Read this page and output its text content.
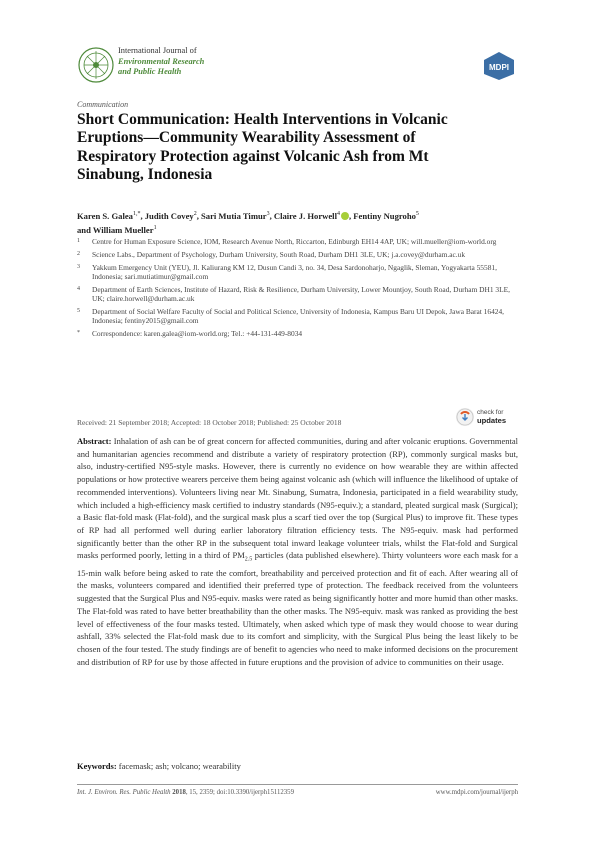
International Journal of
Environmental Research
and Public Health	MDPI
Communication
Short Communication: Health Interventions in Volcanic Eruptions—Community Wearability Assessment of Respiratory Protection against Volcanic Ash from Mt Sinabung, Indonesia
Karen S. Galea$^{1,*}$, Judith Covey$^2$, Sari Mutia Timur$^3$, Claire J. Horwell$^4$ , Fentiny Nugroho$^5$
and William Mueller$^1$
1	Centre for Human Exposure Science, IOM, Research Avenue North, Riccarton, Edinburgh EH14 4AP, UK; will.mueller@iom-world.org
2	Science Labs., Department of Psychology, Durham University, South Road, Durham DH1 3LE, UK; j.a.covey@durham.ac.uk
3	Yakkum Emergency Unit (YEU), Jl. Kaliurang KM 12, Dusun Candi 3, no. 34, Desa Sardonoharjo, Ngaglik, Sleman, Yogyakarta 55581, Indonesia; sari.mutiatimur@gmail.com
4	Department of Earth Sciences, Institute of Hazard, Risk & Resilience, Durham University, Lower Mountjoy, South Road, Durham DH1 3LE, UK; claire.horwell@durham.ac.uk
5	Department of Social Welfare Faculty of Social and Political Science, University of Indonesia, Kampus Baru UI Depok, Jawa Barat 16424, Indonesia; fentiny2015@gmail.com
*	Correspondence: karen.galea@iom-world.org; Tel.: +44-131-449-8034
Received: 21 September 2018; Accepted: 18 October 2018; Published: 25 October 2018
check for
updates
Abstract: Inhalation of ash can be of great concern for affected communities, during and after volcanic eruptions. Governmental and humanitarian agencies recommend and distribute a variety of respiratory protection (RP), commonly surgical masks but, also, industry-certified N95-style masks. However, there is currently no evidence on how wearable they are within affected populations or how protective wearers perceive them being against volcanic ash (which will influence the likelihood of uptake of recommended interventions). Volunteers living near Mt. Sinabung, Sumatra, Indonesia, participated in a field wearability study, which included a high-efficiency mask certified to industry standards (N95-equiv.); a standard, pleated surgical mask (Surgical); a Basic flat-fold mask (Flat-fold), and the surgical mask plus a scarf tied over the top (Surgical Plus) to improve fit. These types of RP had all performed well during earlier laboratory filtration efficiency tests. The N95-equiv. mask had performed significantly better than the other RP in the subsequent total inward leakage volunteer trials, whilst the Flat-fold and Surgical masks performed poorly, letting in a third of $PM_{2.5}$ particles (data published elsewhere). Thirty volunteers wore each mask for a 15-min walk before being asked to rate the comfort, breathability and perceived protection and fit of each. After wearing all of the masks, volunteers compared and identified their preferred type of protection. The feedback received from the volunteers suggested that the Surgical Plus and N95-equiv. masks were rated as being significantly hotter and more humid than other masks. The Flat-fold was rated to have better breathability than the other masks. The N95-equiv. mask was ranked as providing the best level of effectiveness of the four masks tested. Ultimately, when asked which type of mask they would choose to wear during ashfall, 33% selected the Flat-fold mask due to its comfort and simplicity, with the Surgical Plus being the least likely to be chosen of the four tested. The study findings are of benefit to agencies who need to make informed decisions on the procurement and distribution of RP for use by those affected in future eruptions and the provision of advice to communities on their usage.
Keywords: facemask; ash; volcano; wearability
Int. J. Environ. Res. Public Health 2018, 15, 2359; doi:10.3390/ijerph15112359	www.mdpi.com/journal/ijerph
